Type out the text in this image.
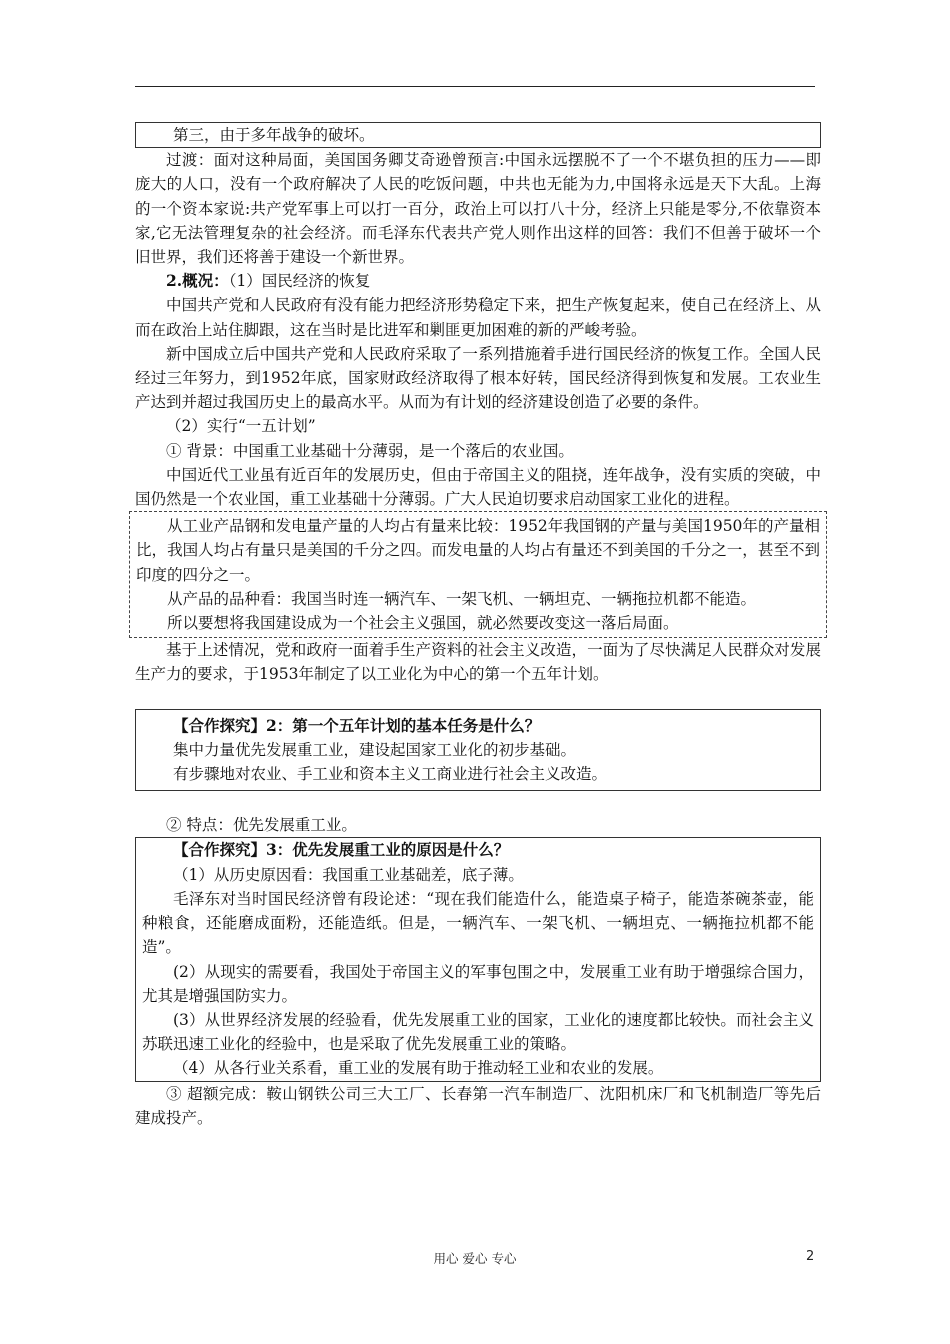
第三，由于多年战争的破坏。

过渡：面对这种局面，美国国务卿艾奇逊曾预言:中国永远摆脱不了一个不堪负担的压力——即庞大的人口，没有一个政府解决了人民的吃饭问题，中共也无能为力,中国将永远是天下大乱。上海的一个资本家说:共产党军事上可以打一百分，政治上可以打八十分，经济上只能是零分,不依靠资本家,它无法管理复杂的社会经济。而毛泽东代表共产党人则作出这样的回答：我们不但善于破坏一个旧世界，我们还将善于建设一个新世界。

2.概况：（1）国民经济的恢复

中国共产党和人民政府有没有能力把经济形势稳定下来，把生产恢复起来，使自己在经济上、从而在政治上站住脚跟，这在当时是比进军和剿匪更加困难的新的严峻考验。

新中国成立后中国共产党和人民政府采取了一系列措施着手进行国民经济的恢复工作。全国人民经过三年努力，到1952年底，国家财政经济取得了根本好转，国民经济得到恢复和发展。工农业生产达到并超过我国历史上的最高水平。从而为有计划的经济建设创造了必要的条件。

（2）实行“一五计划”

① 背景：中国重工业基础十分薄弱，是一个落后的农业国。

中国近代工业虽有近百年的发展历史，但由于帝国主义的阻挠，连年战争，没有实质的突破，中国仍然是一个农业国，重工业基础十分薄弱。广大人民迫切要求启动国家工业化的进程。

从工业产品钢和发电量产量的人均占有量来比较：1952年我国钢的产量与美国1950年的产量相比，我国人均占有量只是美国的千分之四。而发电量的人均占有量还不到美国的千分之一，甚至不到印度的四分之一。

从产品的品种看：我国当时连一辆汽车、一架飞机、一辆坦克、一辆拖拉机都不能造。

所以要想将我国建设成为一个社会主义强国，就必然要改变这一落后局面。

基于上述情况，党和政府一面着手生产资料的社会主义改造，一面为了尽快满足人民群众对发展生产力的要求，于1953年制定了以工业化为中心的第一个五年计划。

【合作探究】2：第一个五年计划的基本任务是什么？

集中力量优先发展重工业，建设起国家工业化的初步基础。

有步骤地对农业、手工业和资本主义工商业进行社会主义改造。

② 特点：优先发展重工业。

【合作探究】3：优先发展重工业的原因是什么？

（1）从历史原因看：我国重工业基础差，底子薄。

毛泽东对当时国民经济曾有段论述：“现在我们能造什么，能造桌子椅子，能造茶碗茶壶，能种粮食，还能磨成面粉，还能造纸。但是，一辆汽车、一架飞机、一辆坦克、一辆拖拉机都不能造”。

(2）从现实的需要看，我国处于帝国主义的军事包围之中，发展重工业有助于增强综合国力，尤其是增强国防实力。

(3）从世界经济发展的经验看，优先发展重工业的国家，工业化的速度都比较快。而社会主义苏联迅速工业化的经验中，也是采取了优先发展重工业的策略。

（4）从各行业关系看，重工业的发展有助于推动轻工业和农业的发展。

③ 超额完成：鞍山钢铁公司三大工厂、长春第一汽车制造厂、沈阳机床厂和飞机制造厂等先后建成投产。

用心 爱心 专心	2
